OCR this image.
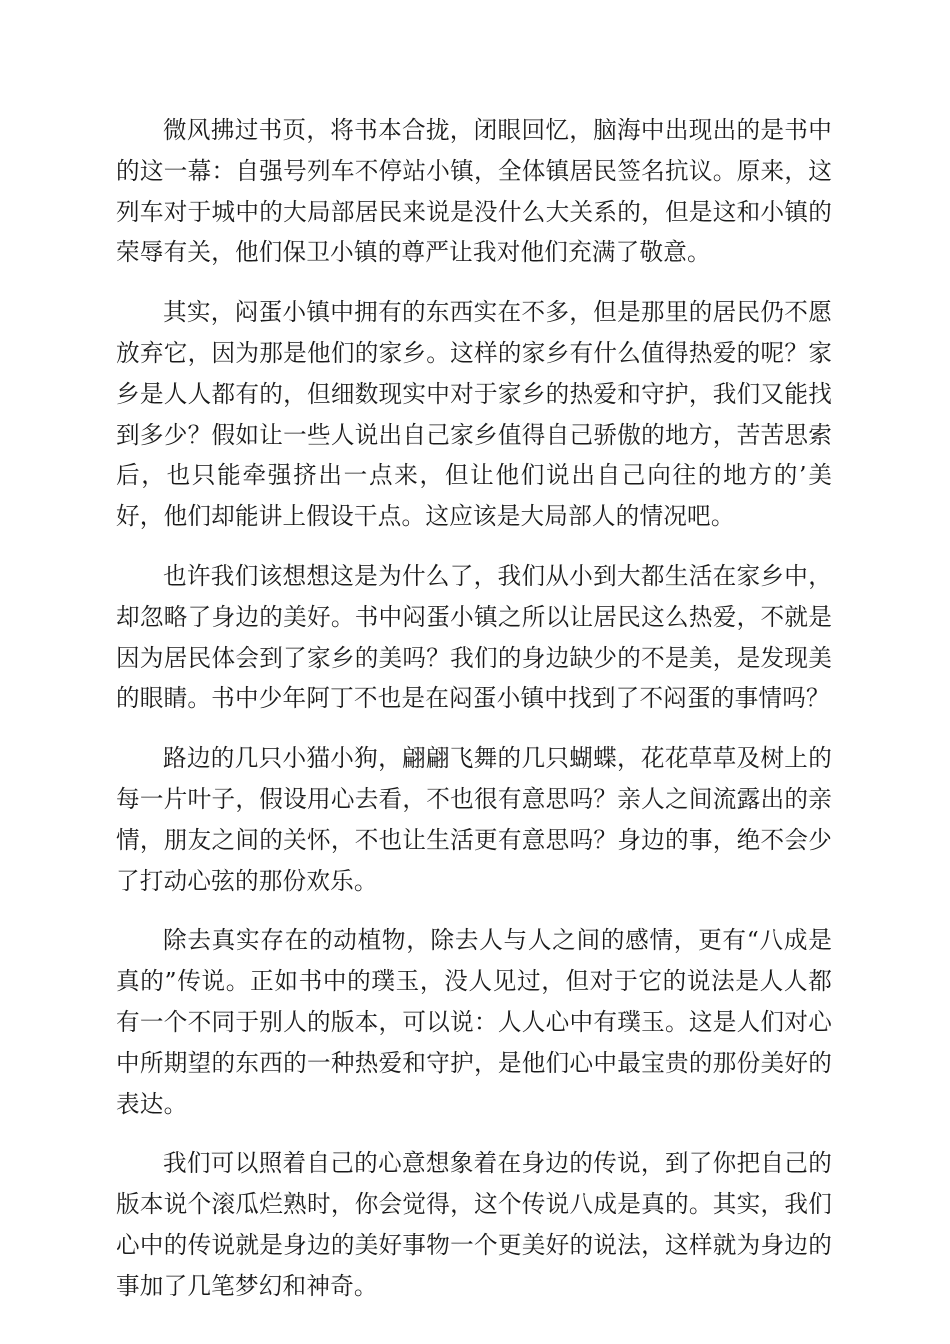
微风拂过书页，将书本合拢，闭眼回忆，脑海中出现出的是书中的这一幕：自强号列车不停站小镇，全体镇居民签名抗议。原来，这列车对于城中的大局部居民来说是没什么大关系的，但是这和小镇的荣辱有关，他们保卫小镇的尊严让我对他们充满了敬意。

其实，闷蛋小镇中拥有的东西实在不多，但是那里的居民仍不愿放弃它，因为那是他们的家乡。这样的家乡有什么值得热爱的呢？家乡是人人都有的，但细数现实中对于家乡的热爱和守护，我们又能找到多少？假如让一些人说出自己家乡值得自己骄傲的地方，苦苦思索后，也只能牵强挤出一点来，但让他们说出自己向往的地方的’美好，他们却能讲上假设干点。这应该是大局部人的情况吧。

也许我们该想想这是为什么了，我们从小到大都生活在家乡中，却忽略了身边的美好。书中闷蛋小镇之所以让居民这么热爱，不就是因为居民体会到了家乡的美吗？我们的身边缺少的不是美，是发现美的眼睛。书中少年阿丁不也是在闷蛋小镇中找到了不闷蛋的事情吗？

路边的几只小猫小狗，翩翩飞舞的几只蝴蝶，花花草草及树上的每一片叶子，假设用心去看，不也很有意思吗？亲人之间流露出的亲情，朋友之间的关怀，不也让生活更有意思吗？身边的事，绝不会少了打动心弦的那份欢乐。

除去真实存在的动植物，除去人与人之间的感情，更有“八成是真的”传说。正如书中的璞玉，没人见过，但对于它的说法是人人都有一个不同于别人的版本，可以说：人人心中有璞玉。这是人们对心中所期望的东西的一种热爱和守护，是他们心中最宝贵的那份美好的表达。

我们可以照着自己的心意想象着在身边的传说，到了你把自己的版本说个滚瓜烂熟时，你会觉得，这个传说八成是真的。其实，我们心中的传说就是身边的美好事物一个更美好的说法，这样就为身边的事加了几笔梦幻和神奇。
